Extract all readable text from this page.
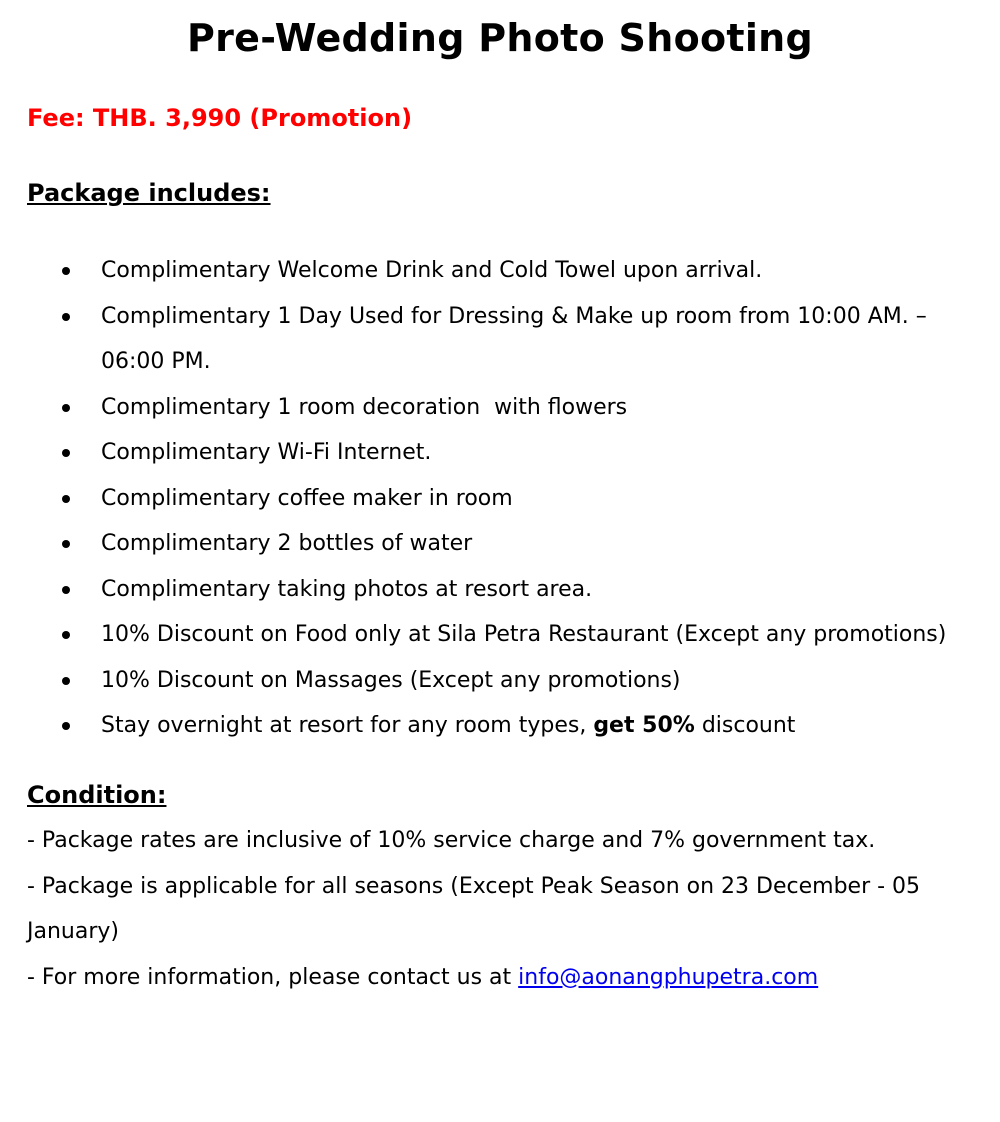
Pre-Wedding Photo Shooting
Fee: THB. 3,990 (Promotion)
Package includes:
Complimentary Welcome Drink and Cold Towel upon arrival.
Complimentary 1 Day Used for Dressing & Make up room from 10:00 AM. – 06:00 PM.
Complimentary 1 room decoration  with flowers
Complimentary Wi-Fi Internet.
Complimentary coffee maker in room
Complimentary 2 bottles of water
Complimentary taking photos at resort area.
10% Discount on Food only at Sila Petra Restaurant (Except any promotions)
10% Discount on Massages (Except any promotions)
Stay overnight at resort for any room types, get 50% discount
Condition:
- Package rates are inclusive of 10% service charge and 7% government tax.
- Package is applicable for all seasons (Except Peak Season on 23 December - 05 January)
- For more information, please contact us at info@aonangphupetra.com
